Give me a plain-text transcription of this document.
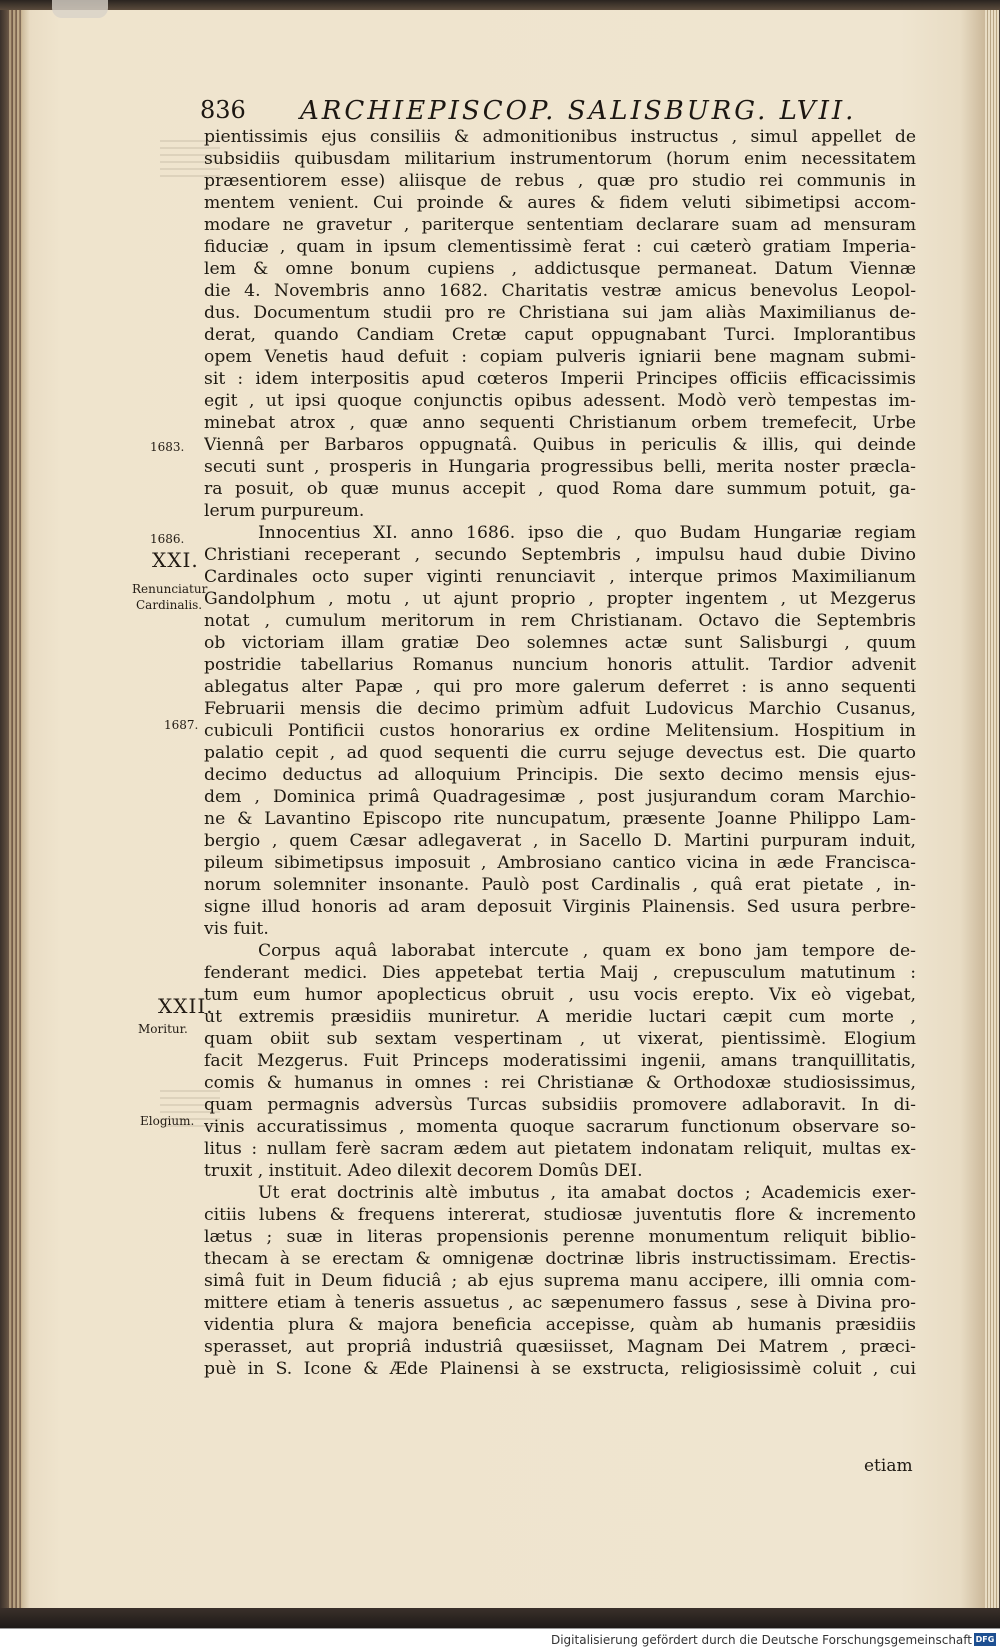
836 ARCHIEPISCOP. SALISBURG. LVII.
pientissimis ejus consiliis & admonitionibus instructus , simul appellet de
subsidiis quibusdam militarium instrumentorum (horum enim necessitatem
præsentiorem esse) aliisque de rebus , quæ pro studio rei communis in
mentem venient. Cui proinde & aures & fidem veluti sibimetipsi accom-
modare ne gravetur , pariterque sententiam declarare suam ad mensuram
fiduciæ , quam in ipsum clementissimè ferat : cui cæterò gratiam Imperia-
lem & omne bonum cupiens , addictusque permaneat. Datum Viennæ
die 4. Novembris anno 1682. Charitatis vestræ amicus benevolus Leopol-
dus. Documentum studii pro re Christiana sui jam aliàs Maximilianus de-
derat, quando Candiam Cretæ caput oppugnabant Turci. Implorantibus
opem Venetis haud defuit : copiam pulveris igniarii bene magnam submi-
sit : idem interpositis apud cœteros Imperii Principes officiis efficacissimis
egit , ut ipsi quoque conjunctis opibus adessent. Modò verò tempestas im-
minebat atrox , quæ anno sequenti Christianum orbem tremefecit, Urbe
Viennâ per Barbaros oppugnatâ. Quibus in periculis & illis, qui deinde
secuti sunt , prosperis in Hungaria progressibus belli, merita noster præcla-
ra posuit, ob quæ munus accepit , quod Roma dare summum potuit, ga-
lerum purpureum.
Innocentius XI. anno 1686. ipso die , quo Budam Hungariæ regiam
Christiani receperant , secundo Septembris , impulsu haud dubie Divino
Cardinales octo super viginti renunciavit , interque primos Maximilianum
Gandolphum , motu , ut ajunt proprio , propter ingentem , ut Mezgerus
notat , cumulum meritorum in rem Christianam. Octavo die Septembris
ob victoriam illam gratiæ Deo solemnes actæ sunt Salisburgi , quum
postridie tabellarius Romanus nuncium honoris attulit. Tardior advenit
ablegatus alter Papæ , qui pro more galerum deferret : is anno sequenti
Februarii mensis die decimo primùm adfuit Ludovicus Marchio Cusanus,
cubiculi Pontificii custos honorarius ex ordine Melitensium. Hospitium in
palatio cepit , ad quod sequenti die curru sejuge devectus est. Die quarto
decimo deductus ad alloquium Principis. Die sexto decimo mensis ejus-
dem , Dominica primâ Quadragesimæ , post jusjurandum coram Marchio-
ne & Lavantino Episcopo rite nuncupatum, præsente Joanne Philippo Lam-
bergio , quem Cæsar adlegaverat , in Sacello D. Martini purpuram induit,
pileum sibimetipsus imposuit , Ambrosiano cantico vicina in æde Francisca-
norum solemniter insonante. Paulò post Cardinalis , quâ erat pietate , in-
signe illud honoris ad aram deposuit Virginis Plainensis. Sed usura perbre-
vis fuit.
Corpus aquâ laborabat intercute , quam ex bono jam tempore de-
fenderant medici. Dies appetebat tertia Maij , crepusculum matutinum :
tum eum humor apoplecticus obruit , usu vocis erepto. Vix eò vigebat,
ut extremis præsidiis muniretur. A meridie luctari cæpit cum morte ,
quam obiit sub sextam vespertinam , ut vixerat, pientissimè. Elogium
facit Mezgerus. Fuit Princeps moderatissimi ingenii, amans tranquillitatis,
comis & humanus in omnes : rei Christianæ & Orthodoxæ studiosissimus,
quam permagnis adversùs Turcas subsidiis promovere adlaboravit. In di-
vinis accuratissimus , momenta quoque sacrarum functionum observare so-
litus : nullam ferè sacram ædem aut pietatem indonatam reliquit, multas ex-
truxit , instituit. Adeo dilexit decorem Domûs DEI.
Ut erat doctrinis altè imbutus , ita amabat doctos ; Academicis exer-
citiis lubens & frequens intererat, studiosæ juventutis flore & incremento
lætus ; suæ in literas propensionis perenne monumentum reliquit biblio-
thecam à se erectam & omnigenæ doctrinæ libris instructissimam. Erectis-
simâ fuit in Deum fiduciâ ; ab ejus suprema manu accipere, illi omnia com-
mittere etiam à teneris assuetus , ac sæpenumero fassus , sese à Divina pro-
videntia plura & majora beneficia accepisse, quàm ab humanis præsidiis
sperasset, aut propriâ industriâ quæsiisset, Magnam Dei Matrem , præci-
puè in S. Icone & Æde Plainensi à se exstructa, religiosissimè coluit , cui
etiam
1683.
1686.
XXI.
Renunciatur
Cardinalis.
1687.
XXII.
Moritur.
Elogium.
Digitalisierung gefördert durch die Deutsche Forschungsgemeinschaft DFG
